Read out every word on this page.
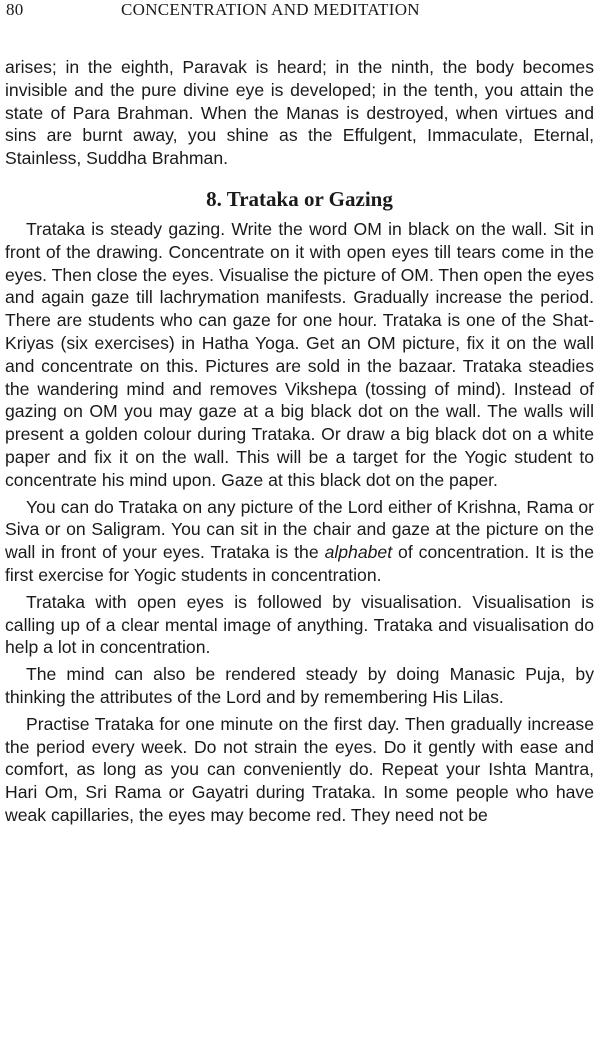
80	CONCENTRATION AND MEDITATION

arises; in the eighth, Paravak is heard; in the ninth, the body becomes invisible and the pure divine eye is developed; in the tenth, you attain the state of Para Brahman. When the Manas is destroyed, when virtues and sins are burnt away, you shine as the Effulgent, Immaculate, Eternal, Stainless, Suddha Brahman.

8. Trataka or Gazing

Trataka is steady gazing. Write the word OM in black on the wall. Sit in front of the drawing. Concentrate on it with open eyes till tears come in the eyes. Then close the eyes. Visualise the picture of OM. Then open the eyes and again gaze till lachrymation manifests. Gradually increase the period. There are students who can gaze for one hour. Trataka is one of the Shat-Kriyas (six exercises) in Hatha Yoga. Get an OM picture, fix it on the wall and concentrate on this. Pictures are sold in the bazaar. Trataka steadies the wandering mind and removes Vikshepa (tossing of mind). Instead of gazing on OM you may gaze at a big black dot on the wall. The walls will present a golden colour during Trataka. Or draw a big black dot on a white paper and fix it on the wall. This will be a target for the Yogic student to concentrate his mind upon. Gaze at this black dot on the paper.

You can do Trataka on any picture of the Lord either of Krishna, Rama or Siva or on Saligram. You can sit in the chair and gaze at the picture on the wall in front of your eyes. Trataka is the alphabet of concentration. It is the first exercise for Yogic students in concentration.

Trataka with open eyes is followed by visualisation. Visualisation is calling up of a clear mental image of anything. Trataka and visualisation do help a lot in concentration.

The mind can also be rendered steady by doing Manasic Puja, by thinking the attributes of the Lord and by remembering His Lilas.

Practise Trataka for one minute on the first day. Then gradually increase the period every week. Do not strain the eyes. Do it gently with ease and comfort, as long as you can conveniently do. Repeat your Ishta Mantra, Hari Om, Sri Rama or Gayatri during Trataka. In some people who have weak capillaries, the eyes may become red. They need not be
